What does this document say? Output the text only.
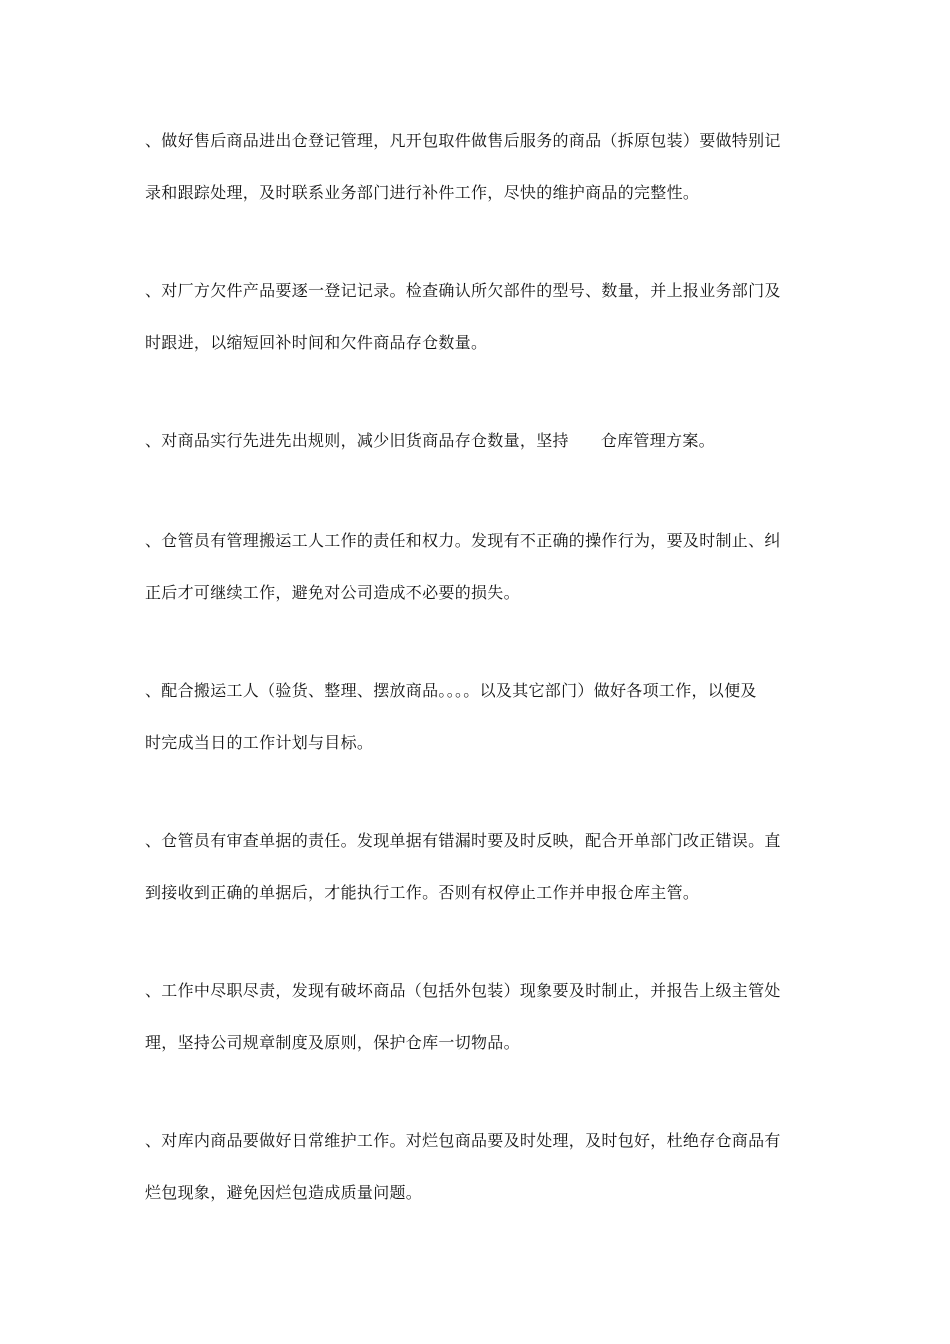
、做好售后商品进出仓登记管理，凡开包取件做售后服务的商品（拆原包装）要做特别记
录和跟踪处理，及时联系业务部门进行补件工作，尽快的维护商品的完整性。

、对厂方欠件产品要逐一登记记录。检查确认所欠部件的型号、数量，并上报业务部门及
时跟进，以缩短回补时间和欠件商品存仓数量。

、对商品实行先进先出规则，减少旧货商品存仓数量，坚持 仓库管理方案。

、仓管员有管理搬运工人工作的责任和权力。发现有不正确的操作行为，要及时制止、纠
正后才可继续工作，避免对公司造成不必要的损失。

、配合搬运工人（验货、整理、摆放商品。。。。以及其它部门）做好各项工作，以便及
时完成当日的工作计划与目标。

、仓管员有审查单据的责任。发现单据有错漏时要及时反映，配合开单部门改正错误。直
到接收到正确的单据后，才能执行工作。否则有权停止工作并申报仓库主管。

、工作中尽职尽责，发现有破坏商品（包括外包装）现象要及时制止，并报告上级主管处
理，坚持公司规章制度及原则，保护仓库一切物品。

、对库内商品要做好日常维护工作。对烂包商品要及时处理，及时包好，杜绝存仓商品有
烂包现象，避免因烂包造成质量问题。
